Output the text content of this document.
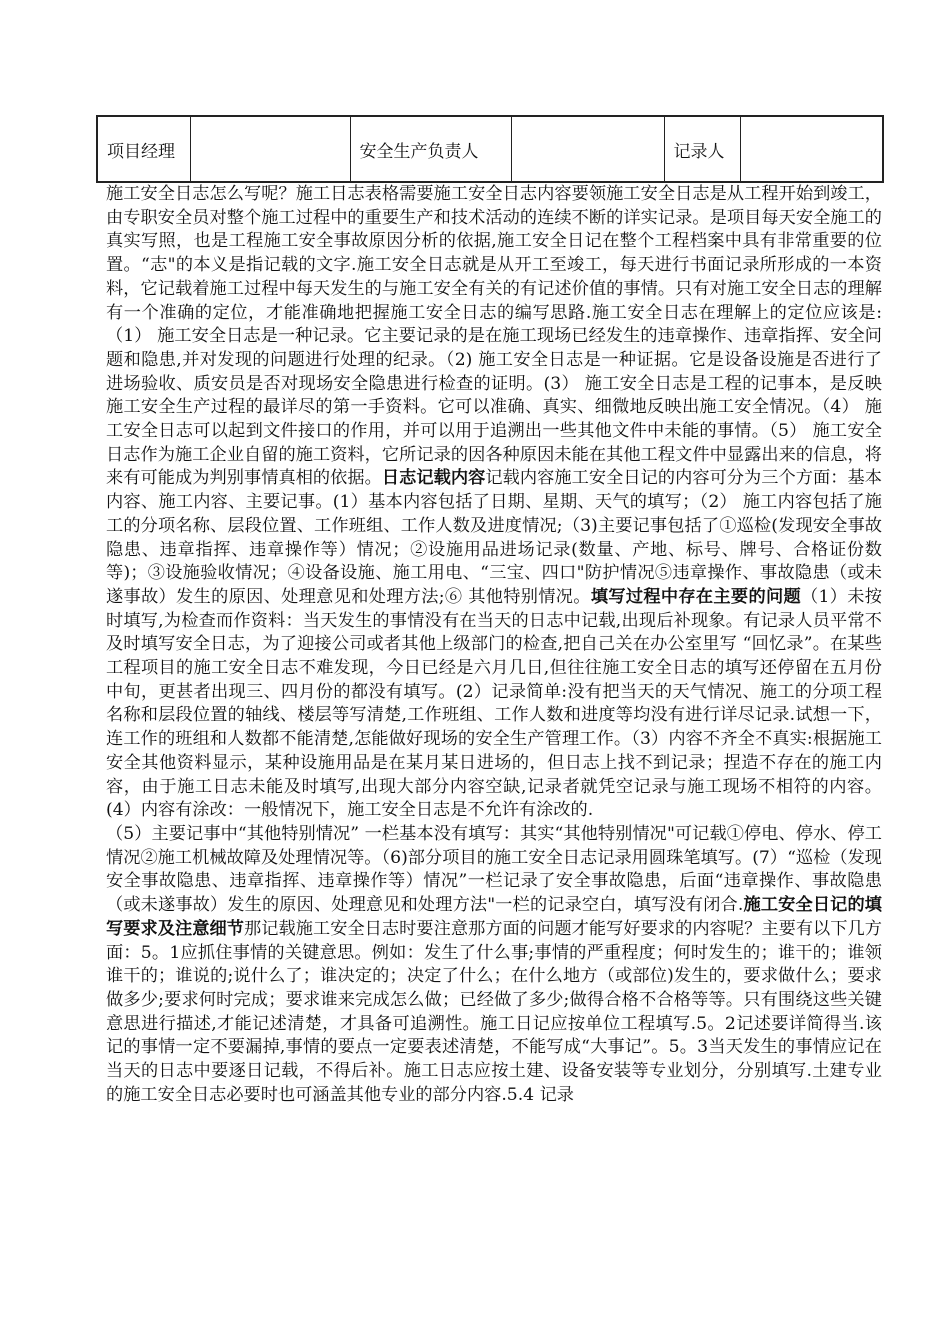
项目经理		安全生产负责人		记录人	

施工安全日志怎么写呢？施工日志表格需要施工安全日志内容要领施工安全日志是从工程开始到竣工，由专职安全员对整个施工过程中的重要生产和技术活动的连续不断的详实记录。是项目每天安全施工的真实写照，也是工程施工安全事故原因分析的依据,施工安全日记在整个工程档案中具有非常重要的位置。“志"的本义是指记载的文字.施工安全日志就是从开工至竣工，每天进行书面记录所形成的一本资料，它记载着施工过程中每天发生的与施工安全有关的有记述价值的事情。只有对施工安全日志的理解有一个准确的定位，才能准确地把握施工安全日志的编写思路.施工安全日志在理解上的定位应该是:（1） 施工安全日志是一种记录。它主要记录的是在施工现场已经发生的违章操作、违章指挥、安全问题和隐患,并对发现的问题进行处理的纪录。（2) 施工安全日志是一种证据。它是设备设施是否进行了进场验收、质安员是否对现场安全隐患进行检查的证明。(3） 施工安全日志是工程的记事本，是反映施工安全生产过程的最详尽的第一手资料。它可以准确、真实、细微地反映出施工安全情况。（4） 施工安全日志可以起到文件接口的作用，并可以用于追溯出一些其他文件中未能的事情。（5） 施工安全日志作为施工企业自留的施工资料，它所记录的因各种原因未能在其他工程文件中显露出来的信息，将来有可能成为判别事情真相的依据。日志记载内容记载内容施工安全日记的内容可分为三个方面：基本内容、施工内容、主要记事。(1）基本内容包括了日期、星期、天气的填写；（2） 施工内容包括了施工的分项名称、层段位置、工作班组、工作人数及进度情况;（3)主要记事包括了①巡检(发现安全事故隐患、违章指挥、违章操作等）情况；②设施用品进场记录(数量、产地、标号、牌号、合格证份数等)；③设施验收情况；④设备设施、施工用电、“三宝、四口"防护情况⑤违章操作、事故隐患（或未遂事故）发生的原因、处理意见和处理方法;⑥ 其他特别情况。填写过程中存在主要的问题（1）未按时填写,为检查而作资料：当天发生的事情没有在当天的日志中记载,出现后补现象。有记录人员平常不及时填写安全日志，为了迎接公司或者其他上级部门的检查,把自己关在办公室里写 “回忆录”。在某些工程项目的施工安全日志不难发现，今日已经是六月几日,但往往施工安全日志的填写还停留在五月份中旬，更甚者出现三、四月份的都没有填写。(2）记录简单:没有把当天的天气情况、施工的分项工程名称和层段位置的轴线、楼层等写清楚,工作班组、工作人数和进度等均没有进行详尽记录.试想一下，连工作的班组和人数都不能清楚,怎能做好现场的安全生产管理工作。（3）内容不齐全不真实:根据施工安全其他资料显示，某种设施用品是在某月某日进场的，但日志上找不到记录；捏造不存在的施工内容，由于施工日志未能及时填写,出现大部分内容空缺,记录者就凭空记录与施工现场不相符的内容。(4）内容有涂改：一般情况下，施工安全日志是不允许有涂改的.

（5）主要记事中“其他特别情况” 一栏基本没有填写：其实“其他特别情况"可记载①停电、停水、停工情况②施工机械故障及处理情况等。（6)部分项目的施工安全日志记录用圆珠笔填写。(7）“巡检（发现安全事故隐患、违章指挥、违章操作等）情况”一栏记录了安全事故隐患，后面“违章操作、事故隐患（或未遂事故）发生的原因、处理意见和处理方法"一栏的记录空白，填写没有闭合.施工安全日记的填写要求及注意细节那记载施工安全日志时要注意那方面的问题才能写好要求的内容呢？主要有以下几方面：5。1应抓住事情的关键意思。例如：发生了什么事;事情的严重程度；何时发生的；谁干的；谁领谁干的；谁说的;说什么了；谁决定的；决定了什么；在什么地方（或部位)发生的，要求做什么；要求做多少;要求何时完成；要求谁来完成怎么做；已经做了多少;做得合格不合格等等。只有围绕这些关键意思进行描述,才能记述清楚，才具备可追溯性。施工日记应按单位工程填写.5。2记述要详简得当.该记的事情一定不要漏掉,事情的要点一定要表述清楚，不能写成“大事记”。5。3当天发生的事情应记在当天的日志中要逐日记载，不得后补。施工日志应按土建、设备安装等专业划分，分别填写.土建专业的施工安全日志必要时也可涵盖其他专业的部分内容.5.4 记录
